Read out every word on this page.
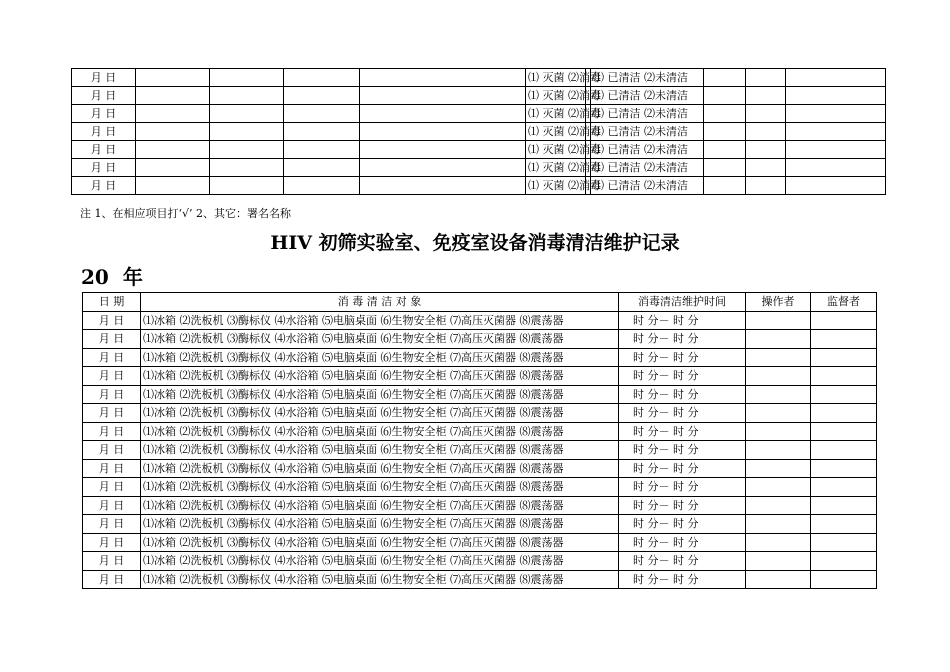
月 日					⑴ 灭菌 ⑵消毒		⑴ 已清洁 ⑵未清洁			
月 日					⑴ 灭菌 ⑵消毒		⑴ 已清洁 ⑵未清洁			
月 日					⑴ 灭菌 ⑵消毒		⑴ 已清洁 ⑵未清洁			
月 日					⑴ 灭菌 ⑵消毒		⑴ 已清洁 ⑵未清洁			
月 日					⑴ 灭菌 ⑵消毒		⑴ 已清洁 ⑵未清洁			
月 日					⑴ 灭菌 ⑵消毒		⑴ 已清洁 ⑵未清洁			
月 日					⑴ 灭菌 ⑵消毒		⑴ 已清洁 ⑵未清洁			
注 1、在相应项目打‘√’ 2、其它：署名名称
HIV 初筛实验室、免疫室设备消毒清洁维护记录
20 年
日 期	消 毒 清 洁 对 象	消毒清洁维护时间	操作者	监督者
月 日	⑴冰箱 ⑵洗板机 ⑶酶标仪 ⑷水浴箱 ⑸电脑桌面 ⑹生物安全柜 ⑺高压灭菌器 ⑻震荡器	时 分－ 时 分		
月 日	⑴冰箱 ⑵洗板机 ⑶酶标仪 ⑷水浴箱 ⑸电脑桌面 ⑹生物安全柜 ⑺高压灭菌器 ⑻震荡器	时 分－ 时 分		
月 日	⑴冰箱 ⑵洗板机 ⑶酶标仪 ⑷水浴箱 ⑸电脑桌面 ⑹生物安全柜 ⑺高压灭菌器 ⑻震荡器	时 分－ 时 分		
月 日	⑴冰箱 ⑵洗板机 ⑶酶标仪 ⑷水浴箱 ⑸电脑桌面 ⑹生物安全柜 ⑺高压灭菌器 ⑻震荡器	时 分－ 时 分		
月 日	⑴冰箱 ⑵洗板机 ⑶酶标仪 ⑷水浴箱 ⑸电脑桌面 ⑹生物安全柜 ⑺高压灭菌器 ⑻震荡器	时 分－ 时 分		
月 日	⑴冰箱 ⑵洗板机 ⑶酶标仪 ⑷水浴箱 ⑸电脑桌面 ⑹生物安全柜 ⑺高压灭菌器 ⑻震荡器	时 分－ 时 分		
月 日	⑴冰箱 ⑵洗板机 ⑶酶标仪 ⑷水浴箱 ⑸电脑桌面 ⑹生物安全柜 ⑺高压灭菌器 ⑻震荡器	时 分－ 时 分		
月 日	⑴冰箱 ⑵洗板机 ⑶酶标仪 ⑷水浴箱 ⑸电脑桌面 ⑹生物安全柜 ⑺高压灭菌器 ⑻震荡器	时 分－ 时 分		
月 日	⑴冰箱 ⑵洗板机 ⑶酶标仪 ⑷水浴箱 ⑸电脑桌面 ⑹生物安全柜 ⑺高压灭菌器 ⑻震荡器	时 分－ 时 分		
月 日	⑴冰箱 ⑵洗板机 ⑶酶标仪 ⑷水浴箱 ⑸电脑桌面 ⑹生物安全柜 ⑺高压灭菌器 ⑻震荡器	时 分－ 时 分		
月 日	⑴冰箱 ⑵洗板机 ⑶酶标仪 ⑷水浴箱 ⑸电脑桌面 ⑹生物安全柜 ⑺高压灭菌器 ⑻震荡器	时 分－ 时 分		
月 日	⑴冰箱 ⑵洗板机 ⑶酶标仪 ⑷水浴箱 ⑸电脑桌面 ⑹生物安全柜 ⑺高压灭菌器 ⑻震荡器	时 分－ 时 分		
月 日	⑴冰箱 ⑵洗板机 ⑶酶标仪 ⑷水浴箱 ⑸电脑桌面 ⑹生物安全柜 ⑺高压灭菌器 ⑻震荡器	时 分－ 时 分		
月 日	⑴冰箱 ⑵洗板机 ⑶酶标仪 ⑷水浴箱 ⑸电脑桌面 ⑹生物安全柜 ⑺高压灭菌器 ⑻震荡器	时 分－ 时 分		
月 日	⑴冰箱 ⑵洗板机 ⑶酶标仪 ⑷水浴箱 ⑸电脑桌面 ⑹生物安全柜 ⑺高压灭菌器 ⑻震荡器	时 分－ 时 分		
